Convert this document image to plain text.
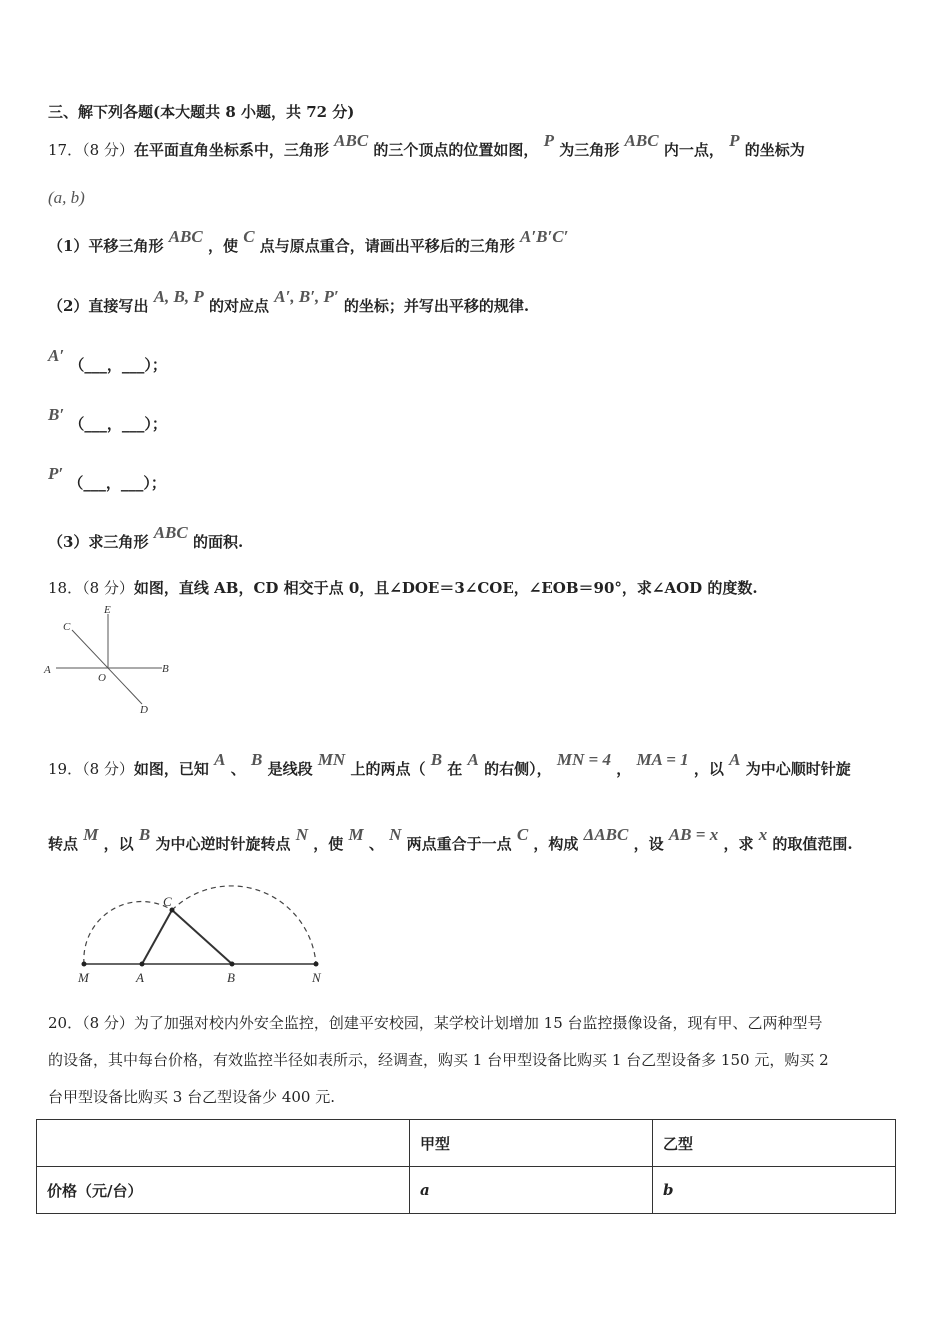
三、解下列各题(本大题共 8 小题，共 72 分)
17．（8 分）在平面直角坐标系中，三角形 ABC 的三个顶点的位置如图， P 为三角形 ABC 内一点， P 的坐标为
(a, b)
（1）平移三角形 ABC ，使 C 点与原点重合，请画出平移后的三角形 A′B′C′
（2）直接写出 A, B, P 的对应点 A′, B′, P′ 的坐标；并写出平移的规律.
A′ （___，___）；
B′ （___，___）；
P′ （___，___）；
（3）求三角形 ABC 的面积.
18．（8 分）如图，直线 AB，CD 相交于点 0，且∠DOE＝3∠COE，∠EOB＝90°，求∠AOD 的度数.
E
C
A
O
B
D
19．（8 分）如图，已知 A 、 B 是线段 MN 上的两点（ B 在 A 的右侧）， MN = 4 ， MA = 1 ，以 A 为中心顺时针旋
转点 M ，以 B 为中心逆时针旋转点 N ，使 M 、 N 两点重合于一点 C ，构成 ΔABC ，设 AB = x ，求 x 的取值范围.
C
M	A	B	N
20．（8 分）为了加强对校内外安全监控，创建平安校园，某学校计划增加 15 台监控摄像设备，现有甲、乙两种型号
的设备，其中每台价格，有效监控半径如表所示，经调查，购买 1 台甲型设备比购买 1 台乙型设备多 150 元，购买 2
台甲型设备比购买 3 台乙型设备少 400 元.
	甲型	乙型
价格（元/台）	a	b
